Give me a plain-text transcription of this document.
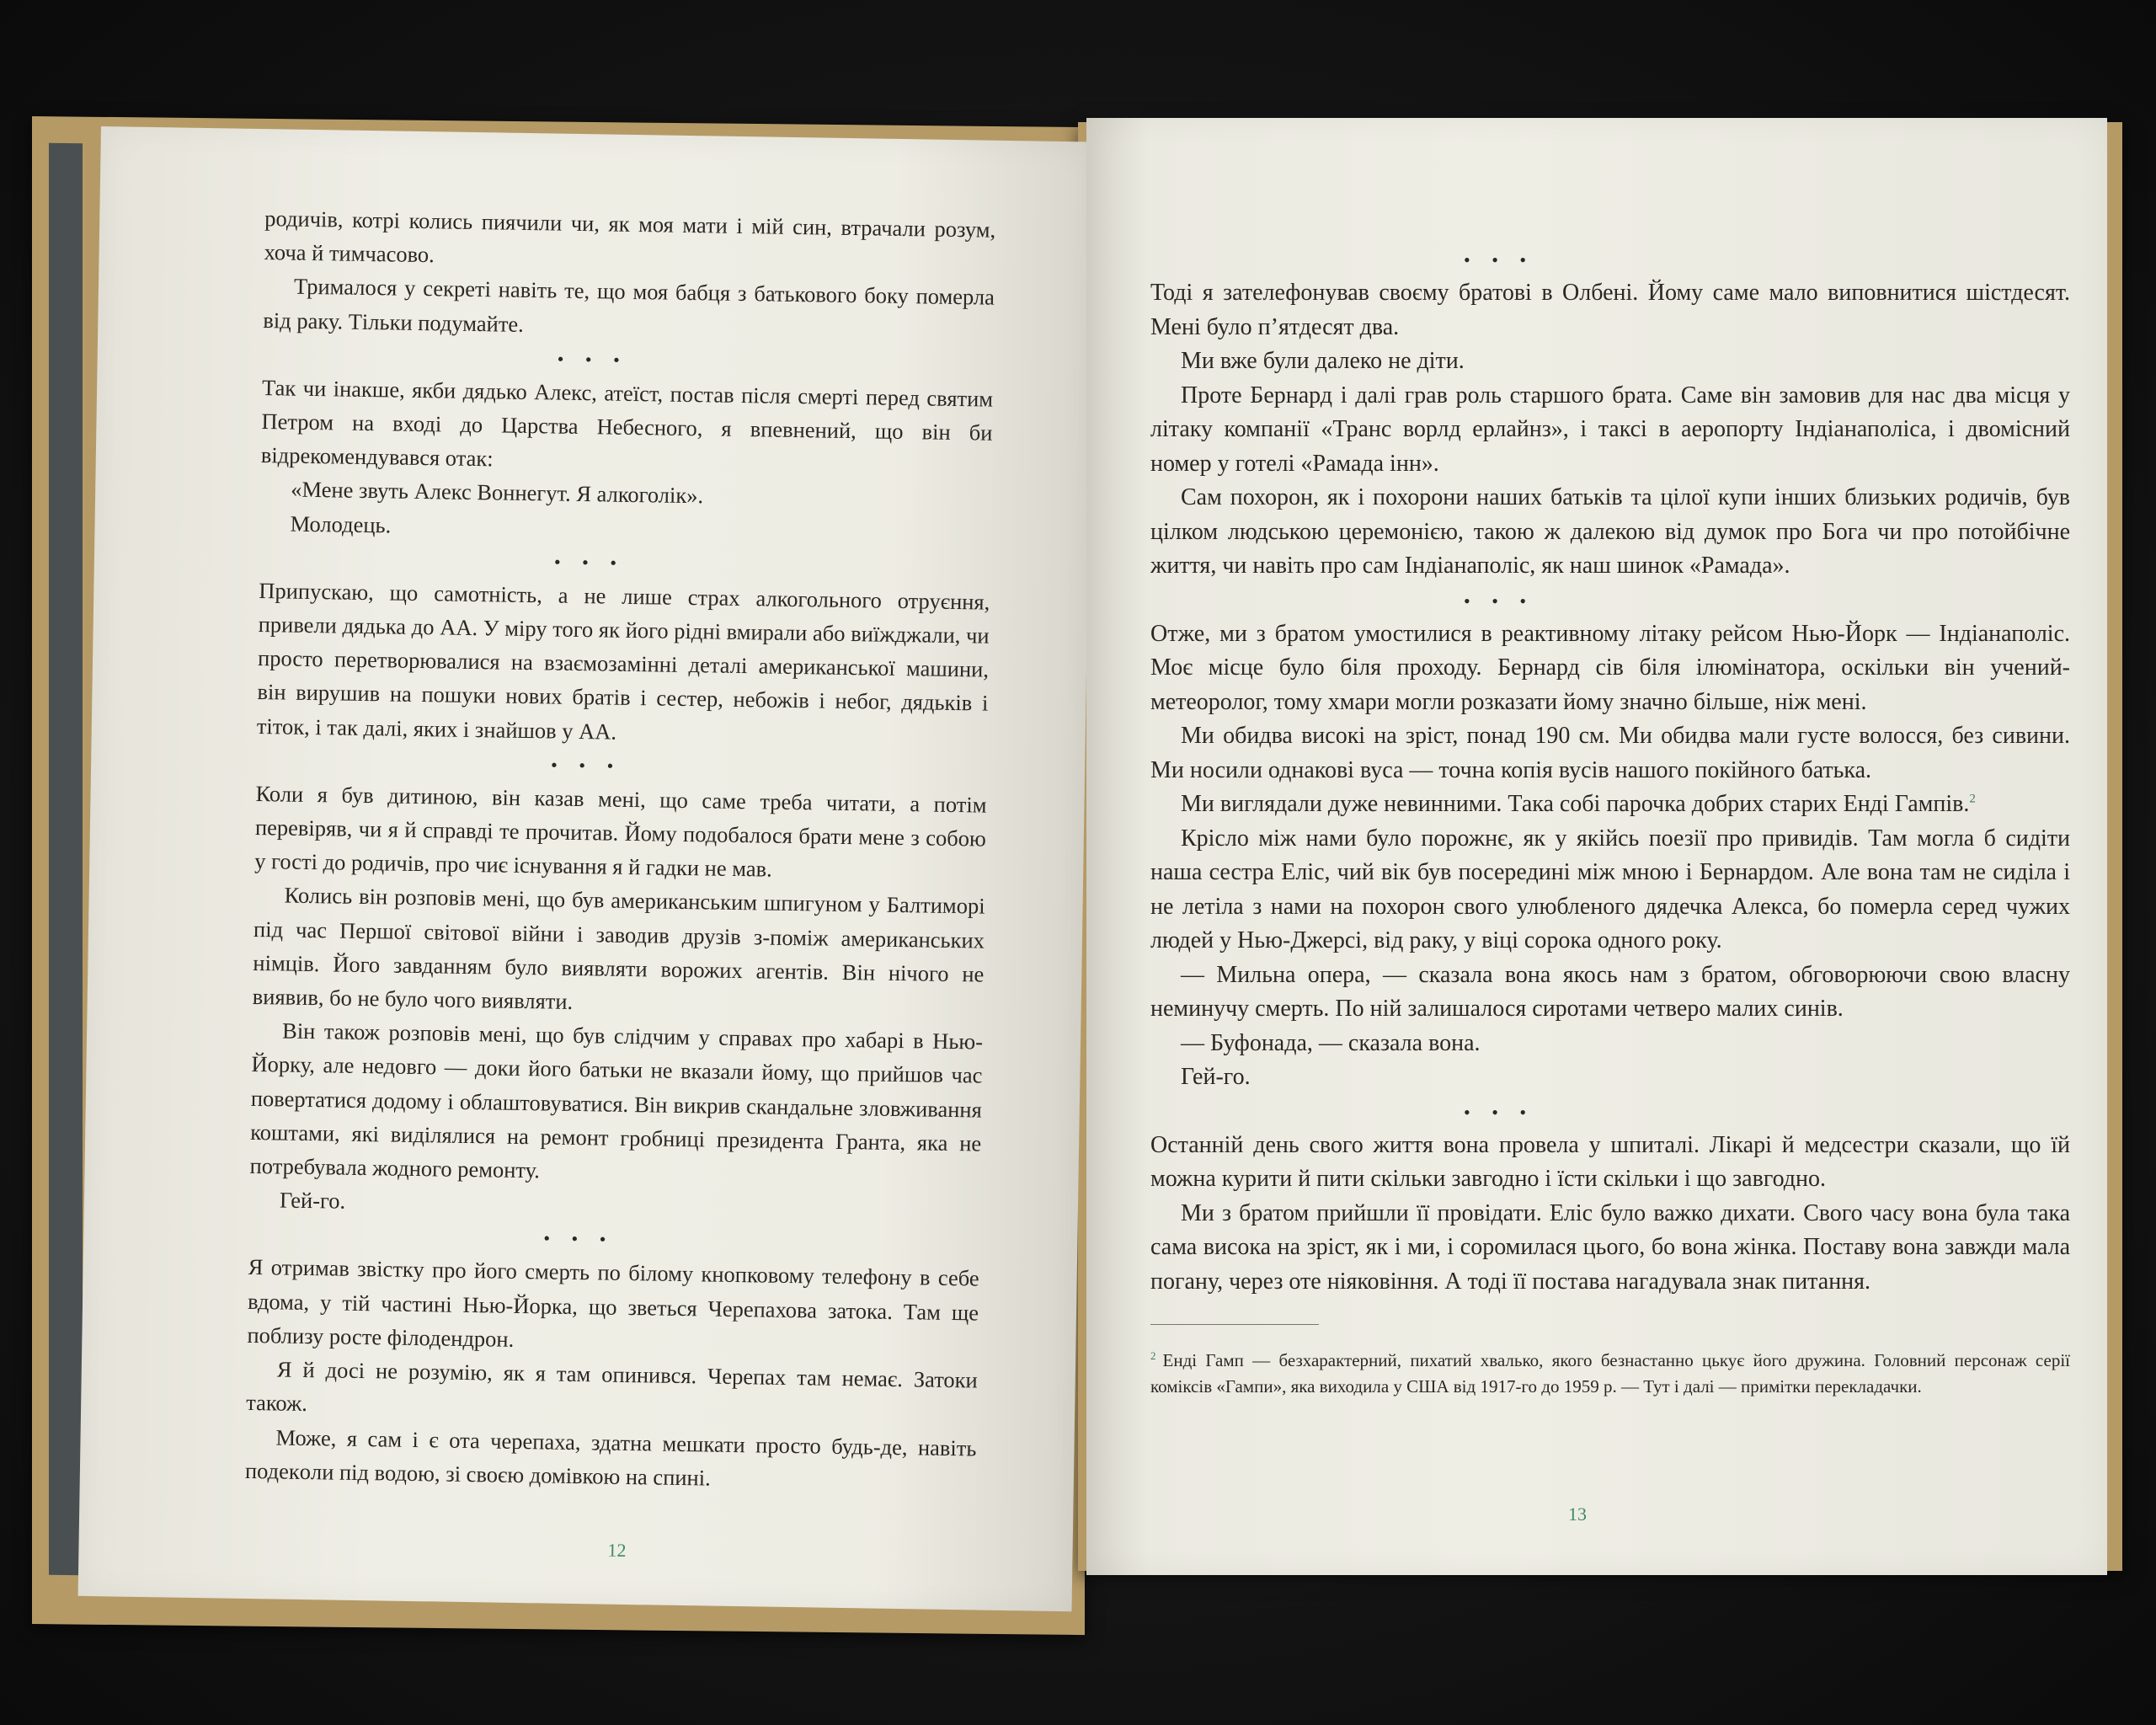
родичів, котрі колись пиячили чи, як моя мати і мій син, втрачали розум, хоча й тимчасово.

Трималося у секреті навіть те, що моя бабця з батькового боку померла від раку. Тільки подумайте.

• • •

Так чи інакше, якби дядько Алекс, атеїст, постав після смерті перед святим Петром на вході до Царства Небесного, я впевнений, що він би відрекомендувався отак:

«Мене звуть Алекс Воннегут. Я алкоголік».

Молодець.

• • •

Припускаю, що самотність, а не лише страх алкогольного отруєння, привели дядька до АА. У міру того як його рідні вмирали або виїжджали, чи просто перетворювалися на взаємозамінні деталі американської машини, він вирушив на пошуки нових братів і сестер, небожів і небог, дядьків і тіток, і так далі, яких і знайшов у АА.

• • •

Коли я був дитиною, він казав мені, що саме треба читати, а потім перевіряв, чи я й справді те прочитав. Йому подобалося брати мене з собою у гості до родичів, про чиє існування я й гадки не мав.

Колись він розповів мені, що був американським шпигуном у Балтиморі під час Першої світової війни і заводив друзів з-поміж американських німців. Його завданням було виявляти ворожих агентів. Він нічого не виявив, бо не було чого виявляти.

Він також розповів мені, що був слідчим у справах про хабарі в Нью-Йорку, але недовго — доки його батьки не вказали йому, що прийшов час повертатися додому і облаштовуватися. Він викрив скандальне зловживання коштами, які виділялися на ремонт гробниці президента Гранта, яка не потребувала жодного ремонту.

Гей-го.

• • •

Я отримав звістку про його смерть по білому кнопковому телефону в себе вдома, у тій частині Нью-Йорка, що зветься Черепахова затока. Там ще поблизу росте філодендрон.

Я й досі не розумію, як я там опинився. Черепах там немає. Затоки також.

Може, я сам і є ота черепаха, здатна мешкати просто будь-де, навіть подекoли під водою, зі своєю домівкою на спині.

12

• • •

Тоді я зателефонував своєму братові в Олбені. Йому саме мало виповнитися шістдесят. Мені було п’ятдесят два.

Ми вже були далеко не діти.

Проте Бернард і далі грав роль старшого брата. Саме він замовив для нас два місця у літаку компанії «Транс ворлд ерлайнз», і таксі в аеропорту Індіанаполіса, і двомісний номер у готелі «Рамада інн».

Сам похорон, як і похорони наших батьків та цілої купи інших близьких родичів, був цілком людською церемонією, такою ж далекою від думок про Бога чи про потойбічне життя, чи навіть про сам Індіанаполіс, як наш шинок «Рамада».

• • •

Отже, ми з братом умостилися в реактивному літаку рейсом Нью-Йорк — Індіанаполіс. Моє місце було біля проходу. Бернард сів біля ілюмінатора, оскільки він учений-метеоролог, тому хмари могли розказати йому значно більше, ніж мені.

Ми обидва високі на зріст, понад 190 см. Ми обидва мали густе волосся, без сивини. Ми носили однакові вуса — точна копія вусів нашого покійного батька.

Ми виглядали дуже невинними. Така собі парочка добрих старих Енді Гампів.$^2$

Крісло між нами було порожнє, як у якійсь поезії про привидів. Там могла б сидіти наша сестра Еліс, чий вік був посередині між мною і Бернардом. Але вона там не сиділа і не летіла з нами на похорон свого улюбленого дядечка Алекса, бо померла серед чужих людей у Нью-Джерсі, від раку, у віці сорока одного року.

— Мильна опера, — сказала вона якось нам з братом, обговорюючи свою власну неминучу смерть. По ній залишалося сиротами четверо малих синів.

— Буфонада, — сказала вона.

Гей-го.

• • •

Останній день свого життя вона провела у шпиталі. Лікарі й медсестри сказали, що їй можна курити й пити скільки завгодно і їсти скільки і що завгодно.

Ми з братом прийшли її провідати. Еліс було важко дихати. Свого часу вона була така сама висока на зріст, як і ми, і соромилася цього, бо вона жінка. Поставу вона завжди мала погану, через оте ніяковіння. А тоді її постава нагадувала знак питання.

$^2$ Енді Гамп — безхарактерний, пихатий хвалько, якого безнастанно цькує його дружина. Головний персонаж серії коміксів «Гампи», яка виходила у США від 1917-го до 1959 р. — Тут і далі — примітки перекладачки.

13
